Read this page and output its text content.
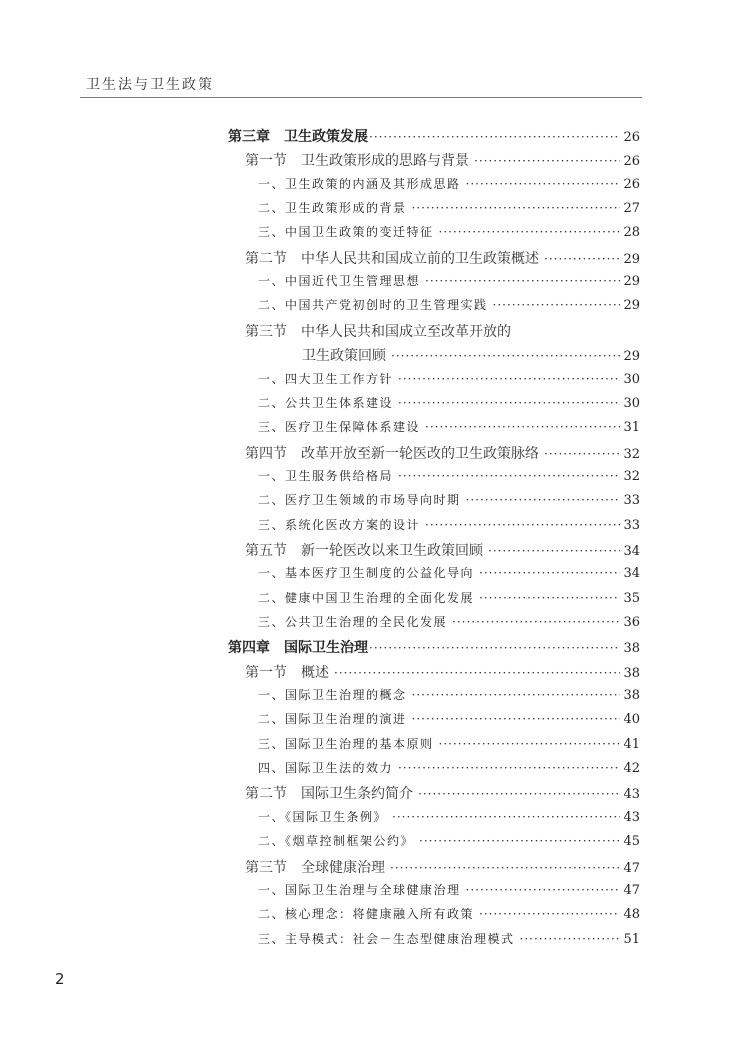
卫生法与卫生政策
第三章　卫生政策发展 ·····	26
第一节　卫生政策形成的思路与背景 ·····	26
一、卫生政策的内涵及其形成思路 ·····	26
二、卫生政策形成的背景 ·····	27
三、中国卫生政策的变迁特征 ·····	28
第二节　中华人民共和国成立前的卫生政策概述 ·····	29
一、中国近代卫生管理思想 ·····	29
二、中国共产党初创时的卫生管理实践 ·····	29
第三节　中华人民共和国成立至改革开放的
卫生政策回顾 ·····	29
一、四大卫生工作方针 ·····	30
二、公共卫生体系建设 ·····	30
三、医疗卫生保障体系建设 ·····	31
第四节　改革开放至新一轮医改的卫生政策脉络 ·····	32
一、卫生服务供给格局 ·····	32
二、医疗卫生领域的市场导向时期 ·····	33
三、系统化医改方案的设计 ·····	33
第五节　新一轮医改以来卫生政策回顾 ·····	34
一、基本医疗卫生制度的公益化导向 ·····	34
二、健康中国卫生治理的全面化发展 ·····	35
三、公共卫生治理的全民化发展 ·····	36
第四章　国际卫生治理 ·····	38
第一节　概述 ·····	38
一、国际卫生治理的概念 ·····	38
二、国际卫生治理的演进 ·····	40
三、国际卫生治理的基本原则 ·····	41
四、国际卫生法的效力 ·····	42
第二节　国际卫生条约简介 ·····	43
一、《国际卫生条例》 ·····	43
二、《烟草控制框架公约》 ·····	45
第三节　全球健康治理 ·····	47
一、国际卫生治理与全球健康治理 ·····	47
二、核心理念：将健康融入所有政策 ·····	48
三、主导模式：社会－生态型健康治理模式 ·····	51
2
